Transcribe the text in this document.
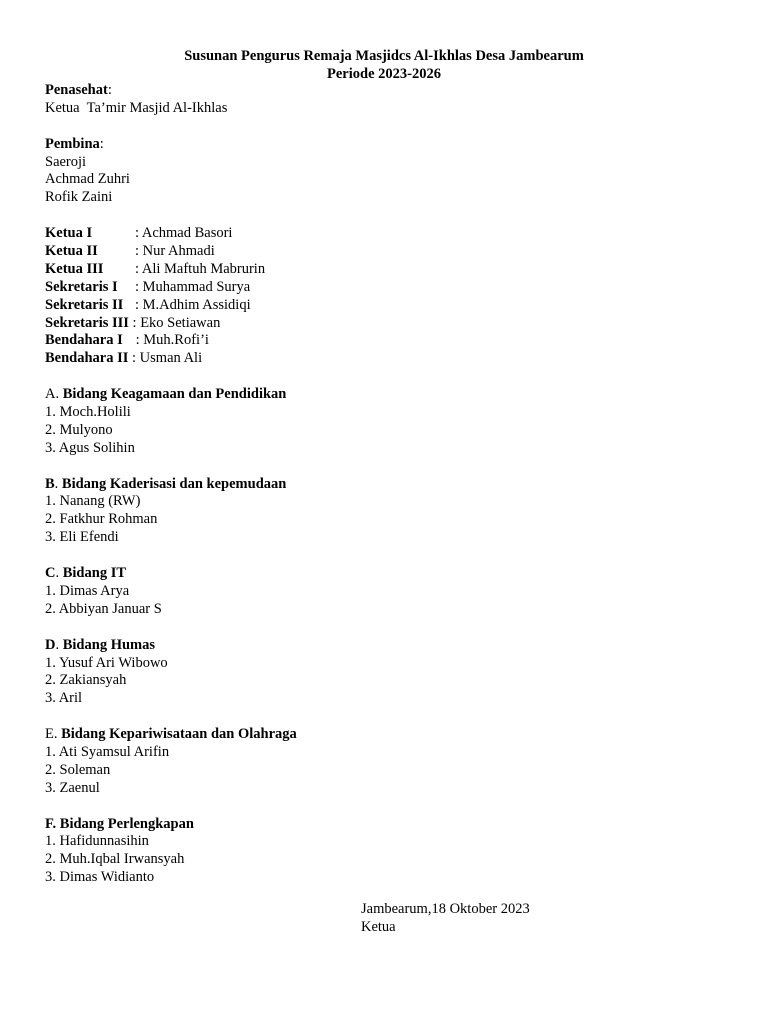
Susunan Pengurus Remaja Masjidcs Al-Ikhlas Desa Jambearum
Periode 2023-2026
Penasehat:
Ketua  Ta’mir Masjid Al-Ikhlas
Pembina:
Saeroji
Achmad Zuhri
Rofik Zaini
Ketua I	: Achmad Basori
Ketua II	: Nur Ahmadi
Ketua III : Ali Maftuh Mabrurin
Sekretaris I : Muhammad Surya
Sekretaris II : M.Adhim Assidiqi
Sekretaris III : Eko Setiawan
Bendahara I : Muh.Rofi’i
Bendahara II : Usman Ali
A. Bidang Keagamaan dan Pendidikan
1. Moch.Holili
2. Mulyono
3. Agus Solihin
B. Bidang Kaderisasi dan kepemudaan
1. Nanang (RW)
2. Fatkhur Rohman
3. Eli Efendi
C. Bidang IT
1. Dimas Arya
2. Abbiyan Januar S
D. Bidang Humas
1. Yusuf Ari Wibowo
2. Zakiansyah
3. Aril
E. Bidang Kepariwisataan dan Olahraga
1. Ati Syamsul Arifin
2. Soleman
3. Zaenul
F. Bidang Perlengkapan
1. Hafidunnasihin
2. Muh.Iqbal Irwansyah
3. Dimas Widianto
Jambearum,18 Oktober 2023
Ketua
